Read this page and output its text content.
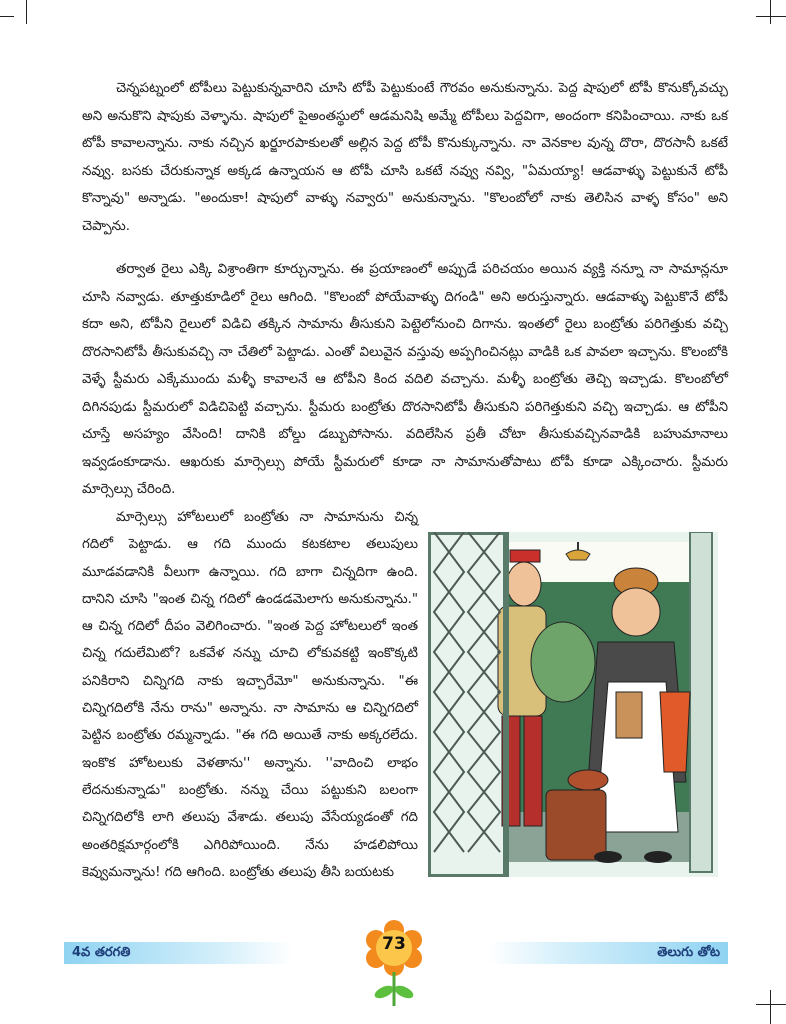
చెన్నపట్నంలో టోపీలు పెట్టుకున్నవారిని చూసి టోపీ పెట్టుకుంటే గౌరవం అనుకున్నాను. పెద్ద షాపులో టోపీ కొనుక్కోవచ్చు అని అనుకొని షాపుకు వెళ్ళాను. షాపులో పైఅంతస్థులో ఆడమనిషి అమ్మే టోపీలు పెద్దవిగా, అందంగా కనిపించాయి. నాకు ఒక టోపీ కావాలన్నాను. నాకు నచ్చిన ఖర్జూరపాకులతో అల్లిన పెద్ద టోపీ కొనుక్కున్నాను. నా వెనకాల వున్న దొరా, దొరసానీ ఒకటే నవ్వు. బసకు చేరుకున్నాక అక్కడ ఉన్నాయన ఆ టోపీ చూసి ఒకటే నవ్వు నవ్వి, "ఏమయ్యా! ఆడవాళ్ళు పెట్టుకునే టోపీ కొన్నావు" అన్నాడు. "అందుకా! షాపులో వాళ్ళు నవ్వారు" అనుకున్నాను. "కొలంబోలో నాకు తెలిసిన వాళ్ళ కోసం" అని చెప్పాను.

తర్వాత రైలు ఎక్కి విశ్రాంతిగా కూర్చున్నాను. ఈ ప్రయాణంలో అప్పుడే పరిచయం అయిన వ్యక్తి నన్నూ నా సామాన్లనూ చూసి నవ్వాడు. తూత్తుకూడిలో రైలు ఆగింది. "కొలంబో పోయేవాళ్ళు దిగండి" అని అరుస్తున్నారు. ఆడవాళ్ళు పెట్టుకొనే టోపీ కదా అని, టోపీని రైలులో విడిచి తక్కిన సామాను తీసుకుని పెట్టెలోనుంచి దిగాను. ఇంతలో రైలు బంట్రోతు పరిగెత్తుకు వచ్చి దొరసానిటోపీ తీసుకువచ్చి నా చేతిలో పెట్టాడు. ఎంతో విలువైన వస్తువు అప్పగించినట్లు వాడికి ఒక పావలా ఇచ్చాను. కొలంబోకి వెళ్ళే స్టీమరు ఎక్కేముందు మళ్ళీ కావాలనే ఆ టోపీని కింద వదిలి వచ్చాను. మళ్ళీ బంట్రోతు తెచ్చి ఇచ్చాడు. కొలంబోలో దిగినపుడు స్టీమరులో విడిచిపెట్టి వచ్చాను. స్టీమరు బంట్రోతు దొరసానిటోపీ తీసుకుని పరిగెత్తుకుని వచ్చి ఇచ్చాడు. ఆ టోపీని చూస్తే అసహ్యం వేసింది! దానికి బోల్డు డబ్బుపోసాను. వదిలేసిన ప్రతీ చోటా తీసుకువచ్చినవాడికి బహుమానాలు ఇవ్వడంకూడాను. ఆఖరుకు మార్సెల్సు పోయే స్టీమరులో కూడా నా సామానుతోపాటు టోపీ కూడా ఎక్కించారు. స్టీమరు మార్సెల్సు చేరింది.

మార్సెల్సు హోటలులో బంట్రోతు నా సామానును చిన్న గదిలో పెట్టాడు. ఆ గది ముందు కటకటాల తలుపులు మూడవడానికి వీలుగా ఉన్నాయి. గది బాగా చిన్నదిగా ఉంది. దానిని చూసి "ఇంత చిన్న గదిలో ఉండడమెలాగు అనుకున్నాను." ఆ చిన్న గదిలో దీపం వెలిగించారు. "ఇంత పెద్ద హోటలులో ఇంత చిన్న గదులేమిటో? ఒకవేళ నన్ను చూచి లోకువకట్టి ఇంకొక్కటి పనికిరాని చిన్నిగది నాకు ఇచ్చారేమో" అనుకున్నాను. "ఈ చిన్నిగదిలోకి నేను రాను" అన్నాను. నా సామాను ఆ చిన్నిగదిలో పెట్టిన బంట్రోతు రమ్మన్నాడు. "ఈ గది అయితే నాకు అక్కరలేదు. ఇంకొక హోటలుకు వెళతాను'' అన్నాను. ''వాదించి లాభం లేదనుకున్నాడు" బంట్రోతు. నన్ను చేయి పట్టుకుని బలంగా చిన్నిగదిలోకి లాగి తలుపు వేశాడు. తలుపు వేసేయ్యడంతో గది అంతరిక్షమార్గంలోకి ఎగిరిపోయింది. నేను హడలిపోయి కెవ్వుమన్నాను! గది ఆగింది. బంట్రోతు తలుపు తీసి బయటకు

4వ తరగతి	73	తెలుగు తోట
